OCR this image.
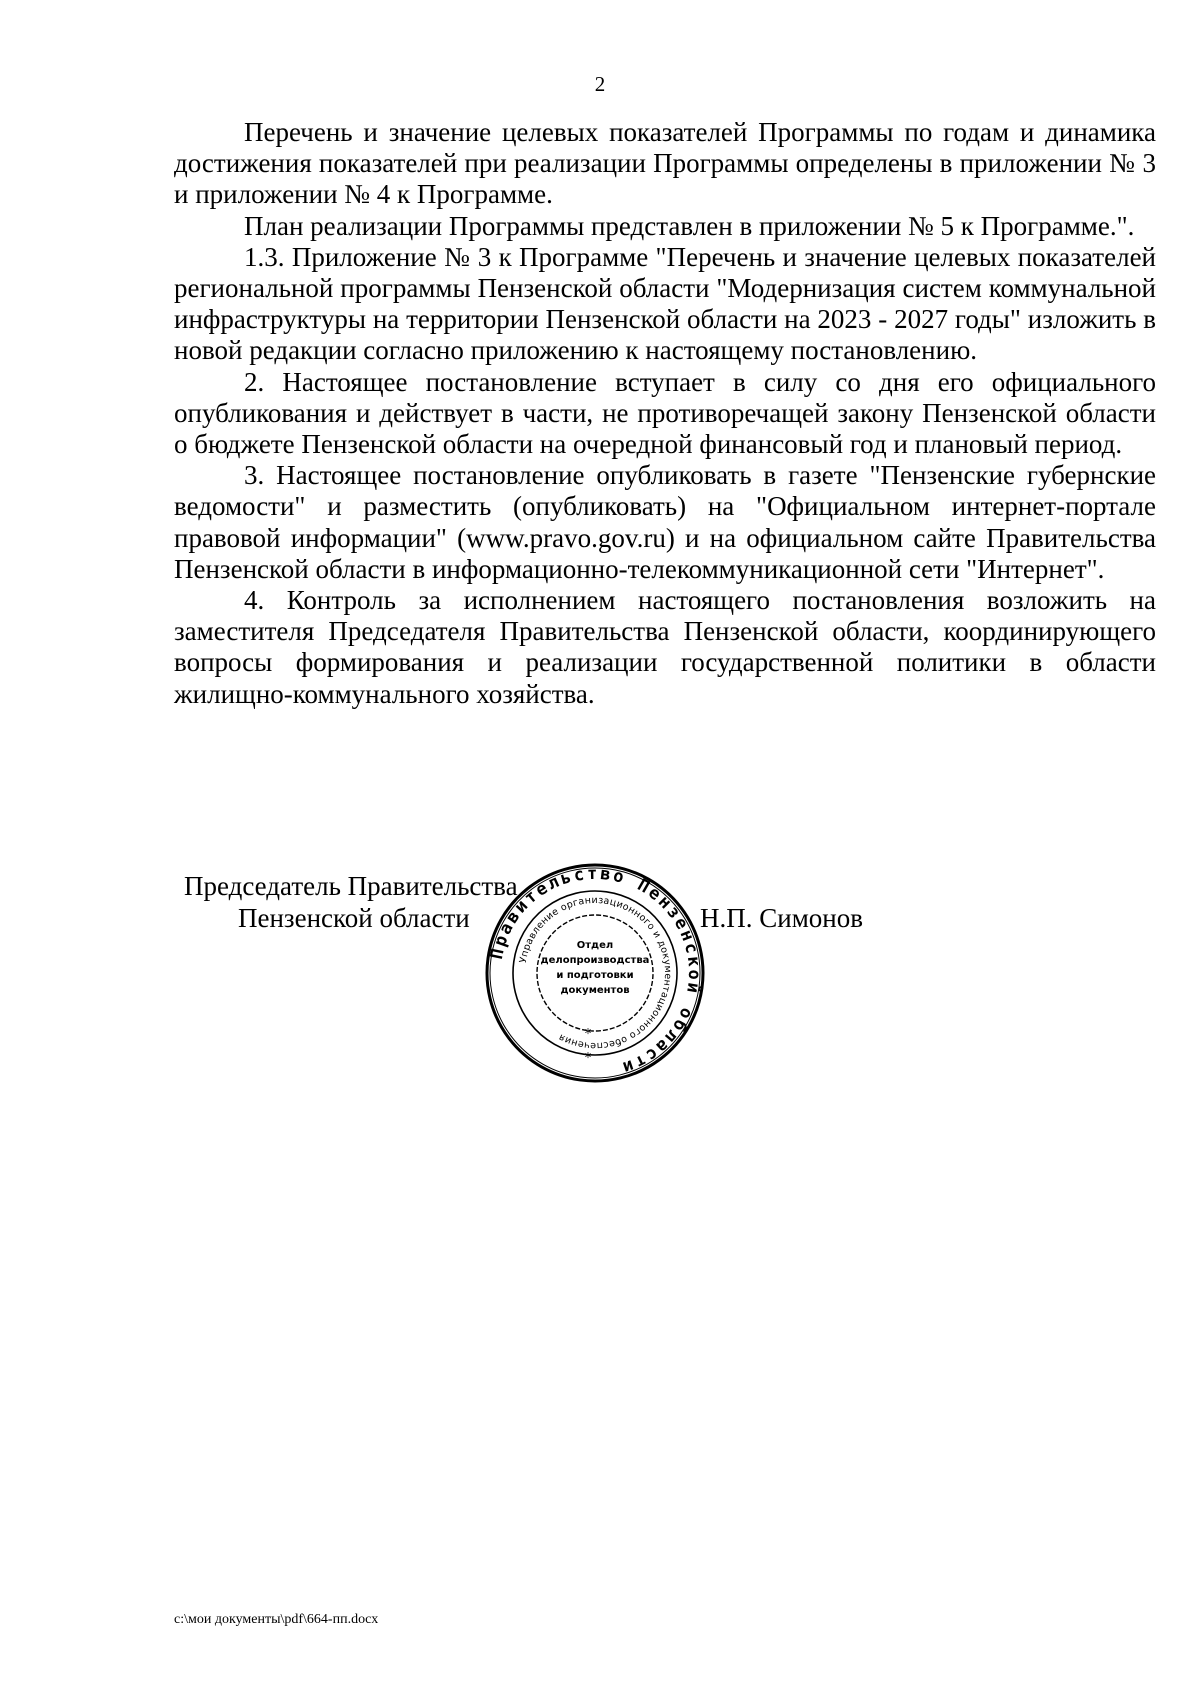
2

Перечень и значение целевых показателей Программы по годам и динамика достижения показателей при реализации Программы определены в приложении № 3 и приложении № 4 к Программе.

План реализации Программы представлен в приложении № 5 к Программе.".

1.3. Приложение № 3 к Программе "Перечень и значение целевых показателей региональной программы Пензенской области "Модернизация систем коммунальной инфраструктуры на территории Пензенской области на 2023 - 2027 годы" изложить в новой редакции согласно приложению к настоящему постановлению.

2. Настоящее постановление вступает в силу со дня его официального опубликования и действует в части, не противоречащей закону Пензенской области о бюджете Пензенской области на очередной финансовый год и плановый период.

3. Настоящее постановление опубликовать в газете "Пензенские губернские ведомости" и разместить (опубликовать) на "Официальном интернет-портале правовой информации" (www.pravo.gov.ru) и на официальном сайте Правительства Пензенской области в информационно-телекоммуникационной сети "Интернет".

4. Контроль за исполнением настоящего постановления возложить на заместителя Председателя Правительства Пензенской области, координирующего вопросы формирования и реализации государственной политики в области жилищно-коммунального хозяйства.

Председатель Правительства
Пензенской области
Правительство Пензенской области
Управление организационного и документационного обеспечения
Отдел
делопроизводства
и подготовки
документов
*
*
Н.П. Симонов
c:\мои документы\pdf\664-пп.docx
